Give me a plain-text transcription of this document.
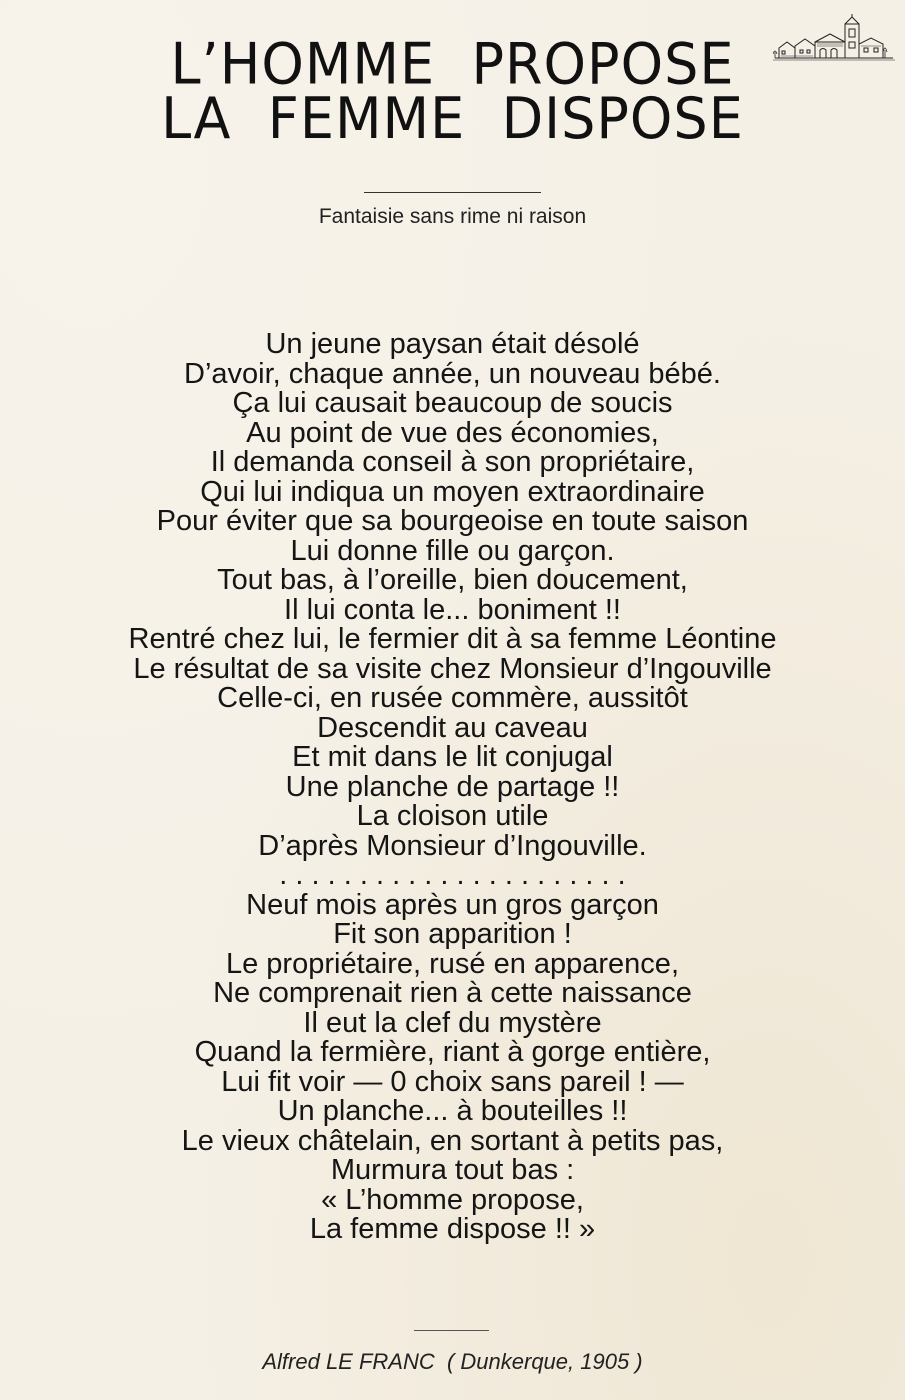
L’HOMME  PROPOSE
LA  FEMME  DISPOSE
Fantaisie sans rime ni raison
Un jeune paysan était désolé
D’avoir, chaque année, un nouveau bébé.
Ça lui causait beaucoup de soucis
Au point de vue des économies,
Il demanda conseil à son propriétaire,
Qui lui indiqua un moyen extraordinaire
Pour éviter que sa bourgeoise en toute saison
Lui donne fille ou garçon.
Tout bas, à l’oreille, bien doucement,
Il lui conta le... boniment !!
Rentré chez lui, le fermier dit à sa femme Léontine
Le résultat de sa visite chez Monsieur d’Ingouville
Celle-ci, en rusée commère, aussitôt
Descendit au caveau
Et mit dans le lit conjugal
Une planche de partage !!
La cloison utile
D’après Monsieur d’Ingouville.
. . . . . . . . . . . . . . . . . . . . . .
Neuf mois après un gros garçon
Fit son apparition !
Le propriétaire, rusé en apparence,
Ne comprenait rien à cette naissance
Il eut la clef du mystère
Quand la fermière, riant à gorge entière,
Lui fit voir — 0 choix sans pareil ! —
Un planche... à bouteilles !!
Le vieux châtelain, en sortant à petits pas,
Murmura tout bas :
« L’homme propose,
La femme dispose !! »
Alfred LE FRANC  ( Dunkerque, 1905 )
